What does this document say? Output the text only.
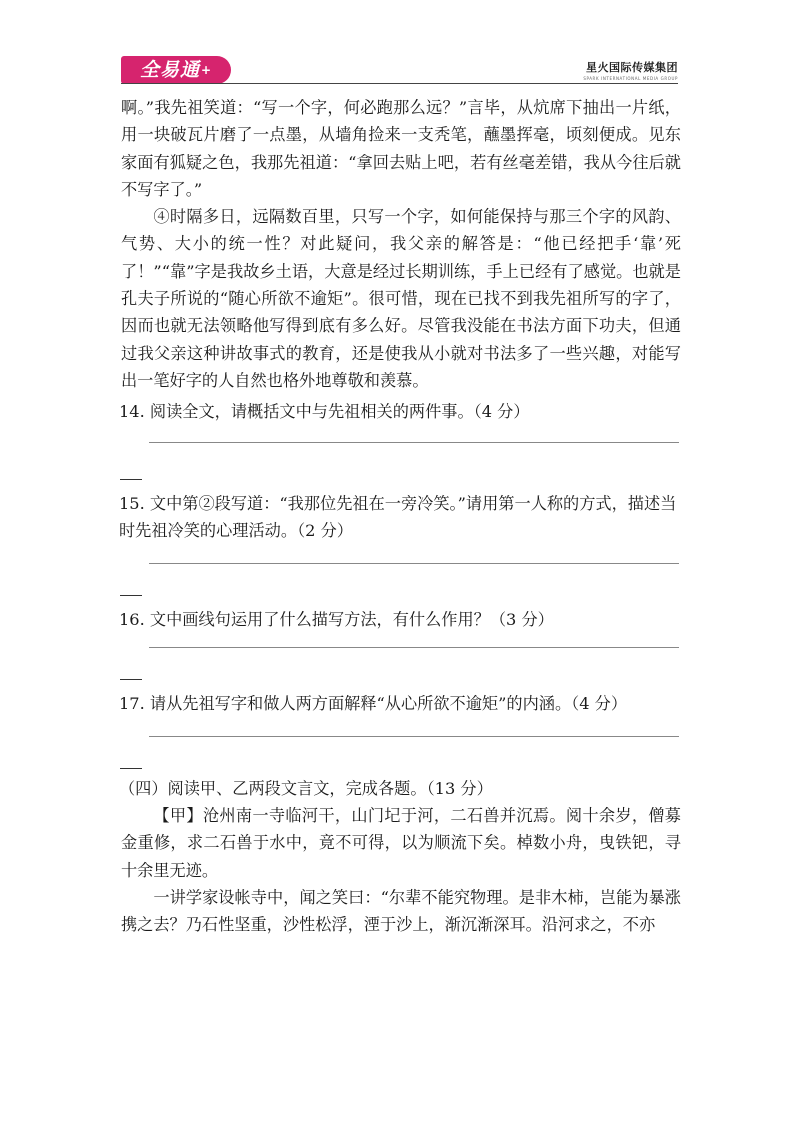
全易通+	星火国际传媒集团
SPARK INTERNATIONAL MEDIA GROUP

啊。”我先祖笑道：“写一个字，何必跑那么远？”言毕，从炕席下抽出一片纸，用一块破瓦片磨了一点墨，从墙角捡来一支秃笔，蘸墨挥毫，顷刻便成。见东家面有狐疑之色，我那先祖道：“拿回去贴上吧，若有丝毫差错，我从今往后就不写字了。”

④时隔多日，远隔数百里，只写一个字，如何能保持与那三个字的风韵、气势、大小的统一性？对此疑问，我父亲的解答是：“他已经把手‘靠’死了！”“靠”字是我故乡土语，大意是经过长期训练，手上已经有了感觉。也就是孔夫子所说的“随心所欲不逾矩”。很可惜，现在已找不到我先祖所写的字了，因而也就无法领略他写得到底有多么好。尽管我没能在书法方面下功夫，但通过我父亲这种讲故事式的教育，还是使我从小就对书法多了一些兴趣，对能写出一笔好字的人自然也格外地尊敬和羡慕。

14. 阅读全文，请概括文中与先祖相关的两件事。（4 分）

15. 文中第②段写道：“我那位先祖在一旁冷笑。”请用第一人称的方式，描述当时先祖冷笑的心理活动。（2 分）

16. 文中画线句运用了什么描写方法，有什么作用？（3 分）

17. 请从先祖写字和做人两方面解释“从心所欲不逾矩”的内涵。（4 分）

（四）阅读甲、乙两段文言文，完成各题。（13 分）

【甲】沧州南一寺临河干，山门圮于河，二石兽并沉焉。阅十余岁，僧募金重修，求二石兽于水中，竟不可得，以为顺流下矣。棹数小舟，曳铁钯，寻十余里无迹。

一讲学家设帐寺中，闻之笑曰：“尔辈不能究物理。是非木柿，岂能为暴涨携之去？乃石性坚重，沙性松浮，湮于沙上，渐沉渐深耳。沿河求之，不亦
